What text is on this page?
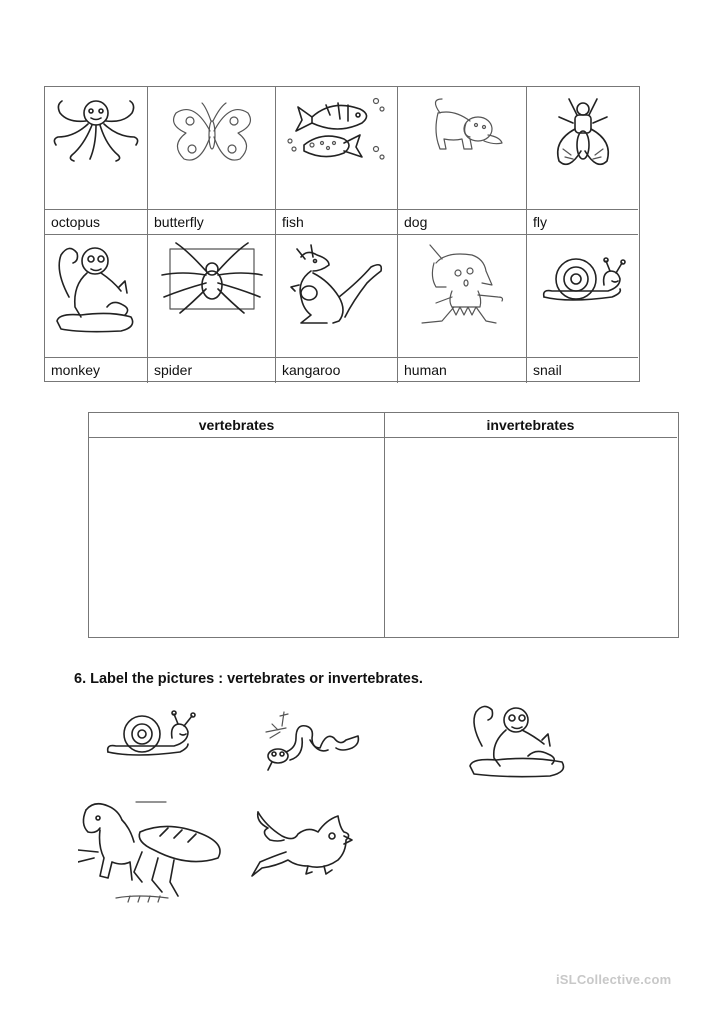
octopus	butterfly	fish	dog	fly
monkey	spider	kangaroo	human	snail
vertebrates	invertebrates
6. Label the pictures : vertebrates or invertebrates.
iSLCollective.com
